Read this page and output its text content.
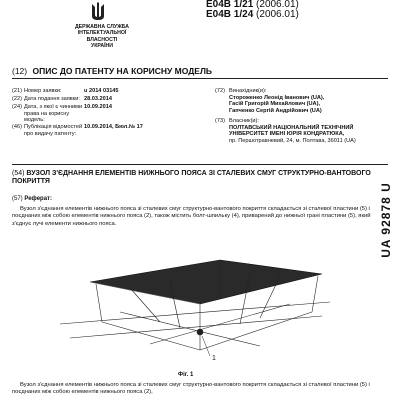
E04B 1/21 (2006.01)
E04B 1/24 (2006.01)
ДЕРЖАВНА СЛУЖБА
ІНТЕЛЕКТУАЛЬНОЇ
ВЛАСНОСТІ
УКРАЇНИ
(12) ОПИС ДО ПАТЕНТУ НА КОРИСНУ МОДЕЛЬ
(21) Номер заявки:	u 2014 03145
(22) Дата подання заявки: 28.03.2014
(24) Дата, з якої є чинними права на корисну модель:10.09.2014
(46) Публікація відомостей про видачу патенту:10.09.2014, Бюл.№ 17
(72) Винахідник(и):
Стороженко Леонід Іванович (UA),
Гасій Григорій Михайлович (UA),
Гапченко Сергій Андрійович (UA)
(73) Власник(и):
ПОЛТАВСЬКИЙ НАЦІОНАЛЬНИЙ ТЕХНІЧНИЙ УНІВЕРСИТЕТ ІМЕНІ ЮРІЯ КОНДРАТЮКА,
пр. Першотравневий, 24, м. Полтава, 36011 (UA)
(54) ВУЗОЛ З'ЄДНАННЯ ЕЛЕМЕНТІВ НИЖНЬОГО ПОЯСА ЗІ СТАЛЕВИХ СМУГ СТРУКТУРНО-ВАНТОВОГО ПОКРИТТЯ
(57) Реферат:
Вузол з'єднання елементів нижнього пояса зі сталевих смуг структурно-вантового покриття складається зі сталевої пластини (5) і поєднаних між собою елементів нижнього пояса (2), також містить болт-шпильку (4), приварений до нижньої грані пластини (5), який з'єднує лучі елементи нижнього пояса.	UA 92878 U
1
Фіг. 1
Вузол з'єднання елементів нижнього пояса зі сталевих смуг структурно-вантового покриття складається зі сталевої пластини (5) і поєднаних між собою елементів нижнього пояса (2),
